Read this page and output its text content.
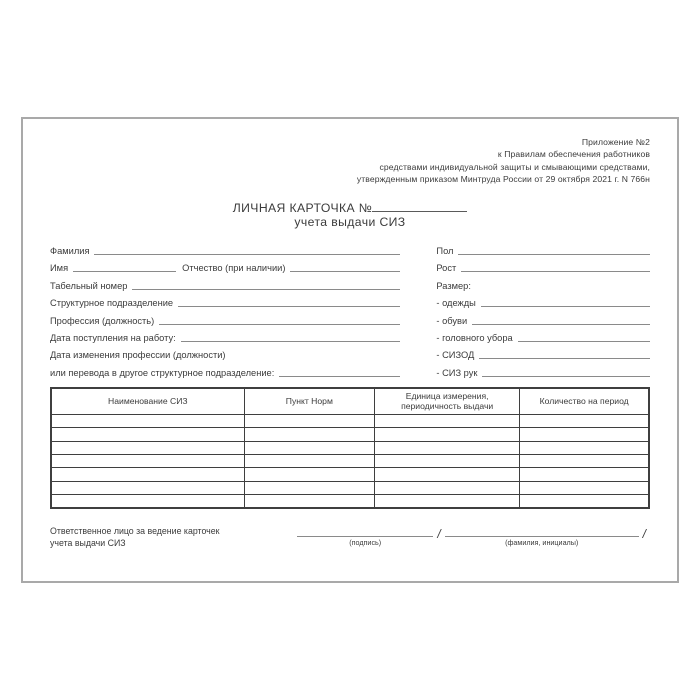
Приложение №2
к Правилам обеспечения работников
средствами индивидуальной защиты и смывающими средствами,
утвержденным приказом Минтруда России от 29 октября 2021 г. N 766н
ЛИЧНАЯ КАРТОЧКА №
учета выдачи СИЗ
Фамилия
Имя	Отчество (при наличии)
Табельный номер
Структурное подразделение
Профессия (должность)
Дата поступления на работу:
Дата изменения профессии (должности)
или перевода в другое структурное подразделение:
Пол
Рост
Размер:
- одежды
- обуви
- головного убора
- СИЗОД
- СИЗ рук
Наименование СИЗ	Пункт Норм	Единица измерения, периодичность выдачи	Количество на период

Ответственное лицо за ведение карточек
учета выдачи СИЗ	(подпись)
/
(фамилия, инициалы)
/
